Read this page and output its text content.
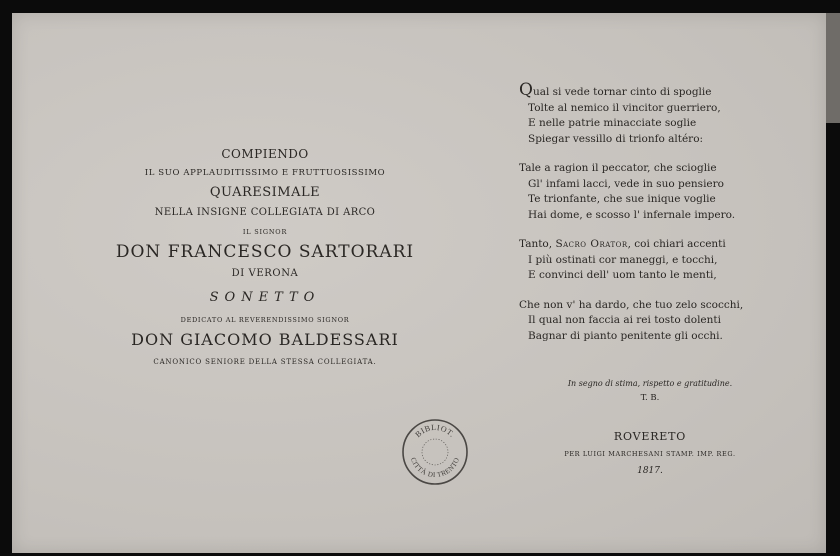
COMPIENDO
IL SUO APPLAUDITISSIMO E FRUTTUOSISSIMO
QUARESIMALE
NELLA INSIGNE COLLEGIATA DI ARCO
IL SIGNOR
DON FRANCESCO SARTORARI
DI VERONA
SONETTO
DEDICATO AL REVERENDISSIMO SIGNOR
DON GIACOMO BALDESSARI
CANONICO SENIORE DELLA STESSA COLLEGIATA.
Qual si vede tornar cinto di spoglie
Tolte al nemico il vincitor guerriero,
E nelle patrie minacciate soglie
Spiegar vessillo di trionfo altéro:
Tale a ragion il peccator, che scioglie
Gl' infami lacci, vede in suo pensiero
Te trionfante, che sue inique voglie
Hai dome, e scosso l' infernale impero.
Tanto, Sacro Orator, coi chiari accenti
I più ostinati cor maneggi, e tocchi,
E convinci dell' uom tanto le menti,
Che non v' ha dardo, che tuo zelo scocchi,
Il qual non faccia ai rei tosto dolenti
Bagnar di pianto penitente gli occhi.
In segno di stima, rispetto e gratitudine.
T. B.
ROVERETO
PER LUIGI MARCHESANI STAMP. IMP. REG.
1817.
BIBLIOT.
CITTÀ DI TRENTO
